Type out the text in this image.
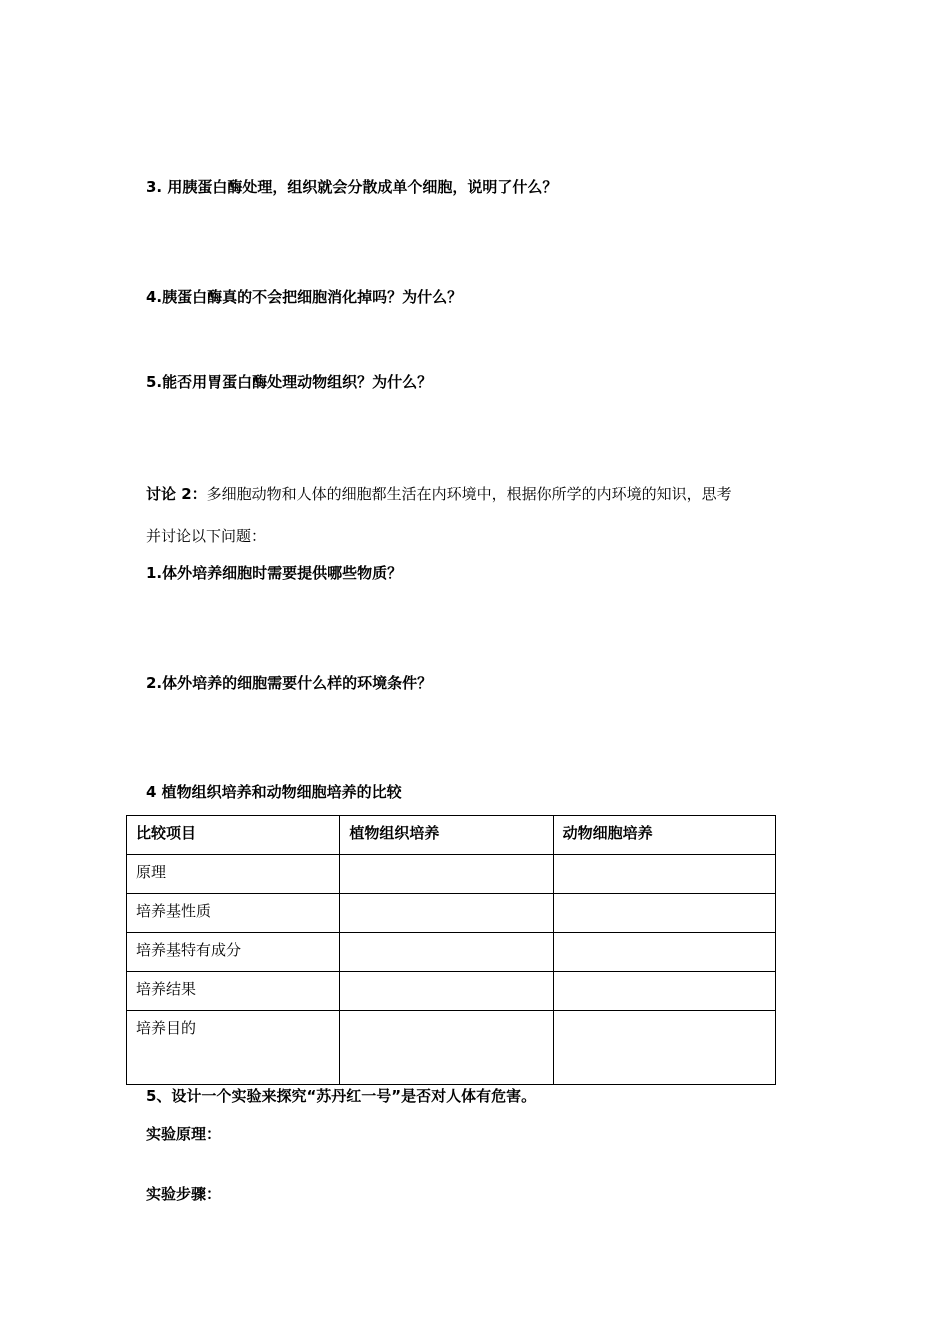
3. 用胰蛋白酶处理，组织就会分散成单个细胞，说明了什么？
4.胰蛋白酶真的不会把细胞消化掉吗？为什么？
5.能否用胃蛋白酶处理动物组织？为什么？
讨论 2：多细胞动物和人体的细胞都生活在内环境中，根据你所学的内环境的知识，思考
并讨论以下问题：
1.体外培养细胞时需要提供哪些物质？
2.体外培养的细胞需要什么样的环境条件？
4 植物组织培养和动物细胞培养的比较
比较项目	植物组织培养	动物细胞培养
原理		
培养基性质		
培养基特有成分		
培养结果		
培养目的		
5、设计一个实验来探究“苏丹红一号”是否对人体有危害。
实验原理：
实验步骤：
